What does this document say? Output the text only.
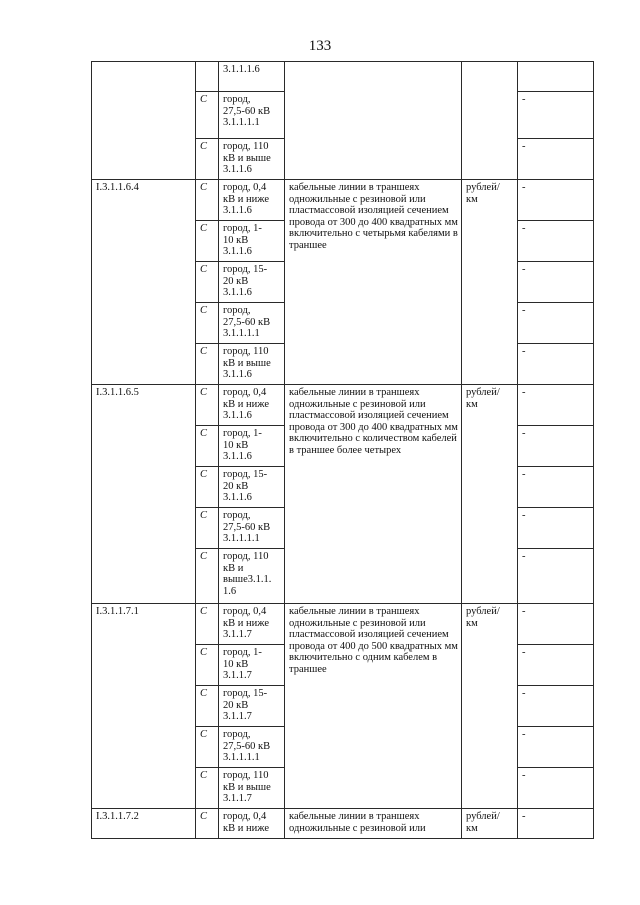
133
		3.1.1.1.6			
	С	город,
27,5-60 кВ
3.1.1.1.1			-
	С	город, 110
кВ и выше
3.1.1.6			-
I.3.1.1.6.4	С	город, 0,4
кВ и ниже
3.1.1.6	кабельные линии в траншеях одножильные с резиновой или пластмассовой изоляцией сечением провода от 300 до 400 квадратных мм включительно с четырьмя кабелями в траншее	рублей/ км	-
	С	город, 1-
10 кВ
3.1.1.6			-
	С	город, 15-
20 кВ
3.1.1.6			-
	С	город,
27,5-60 кВ
3.1.1.1.1			-
	С	город, 110
кВ и выше
3.1.1.6			-
I.3.1.1.6.5	С	город, 0,4
кВ и ниже
3.1.1.6	кабельные линии в траншеях одножильные с резиновой или пластмассовой изоляцией сечением провода от 300 до 400 квадратных мм включительно с количеством кабелей в траншее более четырех	рублей/ км	-
	С	город, 1-
10 кВ
3.1.1.6			-
	С	город, 15-
20 кВ
3.1.1.6			-
	С	город,
27,5-60 кВ
3.1.1.1.1			-
	С	город, 110
кВ и
выше3.1.1.
1.6			-
I.3.1.1.7.1	С	город, 0,4
кВ и ниже
3.1.1.7	кабельные линии в траншеях одножильные с резиновой или пластмассовой изоляцией сечением провода от 400 до 500 квадратных мм включительно с одним кабелем в траншее	рублей/ км	-
	С	город, 1-
10 кВ
3.1.1.7			-
	С	город, 15-
20 кВ
3.1.1.7			-
	С	город,
27,5-60 кВ
3.1.1.1.1			-
	С	город, 110
кВ и выше
3.1.1.7			-
I.3.1.1.7.2	С	город, 0,4
кВ и ниже	кабельные линии в траншеях одножильные с резиновой или	рублей/ км	-
